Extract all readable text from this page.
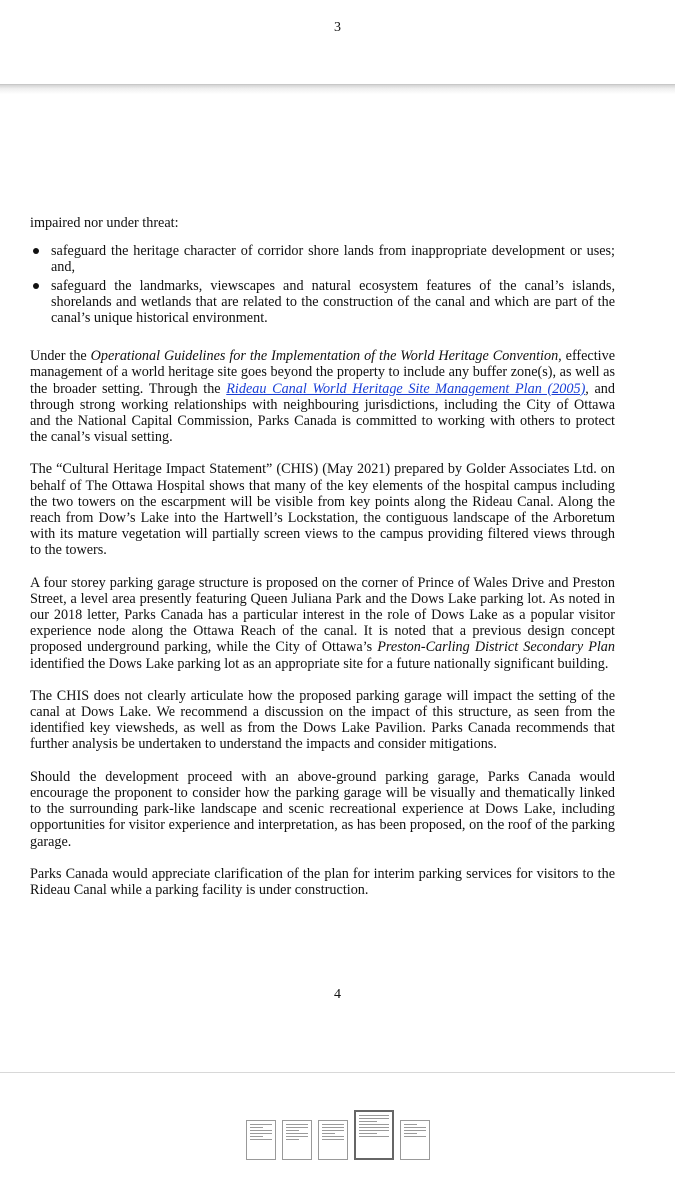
3

impaired nor under threat:

safeguard the heritage character of corridor shore lands from inappropriate development or uses; and,
safeguard the landmarks, viewscapes and natural ecosystem features of the canal’s islands, shorelands and wetlands that are related to the construction of the canal and which are part of the canal’s unique historical environment.

Under the Operational Guidelines for the Implementation of the World Heritage Convention, effective management of a world heritage site goes beyond the property to include any buffer zone(s), as well as the broader setting. Through the Rideau Canal World Heritage Site Management Plan (2005), and through strong working relationships with neighbouring jurisdictions, including the City of Ottawa and the National Capital Commission, Parks Canada is committed to working with others to protect the canal’s visual setting.

The “Cultural Heritage Impact Statement” (CHIS) (May 2021) prepared by Golder Associates Ltd. on behalf of The Ottawa Hospital shows that many of the key elements of the hospital campus including the two towers on the escarpment will be visible from key points along the Rideau Canal. Along the reach from Dow’s Lake into the Hartwell’s Lockstation, the contiguous landscape of the Arboretum with its mature vegetation will partially screen views to the campus providing filtered views through to the towers.

A four storey parking garage structure is proposed on the corner of Prince of Wales Drive and Preston Street, a level area presently featuring Queen Juliana Park and the Dows Lake parking lot. As noted in our 2018 letter, Parks Canada has a particular interest in the role of Dows Lake as a popular visitor experience node along the Ottawa Reach of the canal. It is noted that a previous design concept proposed underground parking, while the City of Ottawa’s Preston-Carling District Secondary Plan identified the Dows Lake parking lot as an appropriate site for a future nationally significant building.

The CHIS does not clearly articulate how the proposed parking garage will impact the setting of the canal at Dows Lake. We recommend a discussion on the impact of this structure, as seen from the identified key viewsheds, as well as from the Dows Lake Pavilion. Parks Canada recommends that further analysis be undertaken to understand the impacts and consider mitigations.

Should the development proceed with an above-ground parking garage, Parks Canada would encourage the proponent to consider how the parking garage will be visually and thematically linked to the surrounding park-like landscape and scenic recreational experience at Dows Lake, including opportunities for visitor experience and interpretation, as has been proposed, on the roof of the parking garage.

Parks Canada would appreciate clarification of the plan for interim parking services for visitors to the Rideau Canal while a parking facility is under construction.

4
